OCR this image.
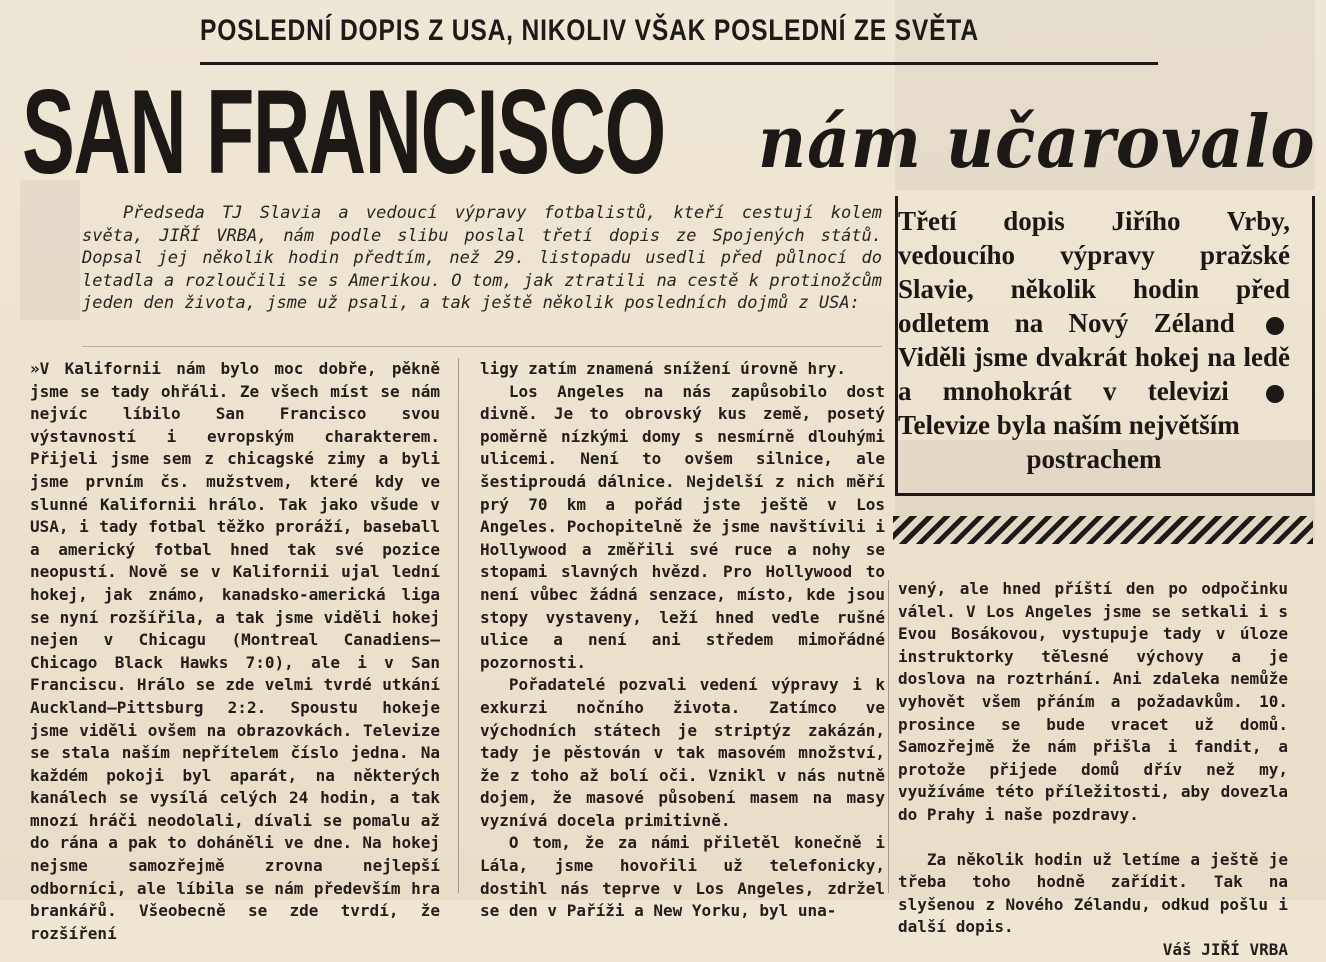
POSLEDNÍ DOPIS Z USA, NIKOLIV VŠAK POSLEDNÍ ZE SVĚTA
SAN FRANCISCO nám učarovalo

Předseda TJ Slavia a vedoucí výpravy fotbalistů, kteří cestují kolem světa, JIŘÍ VRBA, nám podle slibu poslal třetí dopis ze Spojených států. Dopsal jej několik hodin předtím, než 29. listopadu usedli před půlnocí do letadla a rozloučili se s Amerikou. O tom, jak ztratili na cestě k protinožcům jeden den života, jsme už psali, a tak ještě několik posledních dojmů z USA:

Třetí dopis Jiřího Vrby, vedoucího výpravy pražské Slavie, několik hodin před odletem na Nový Zéland  Viděli jsme dvakrát hokej na ledě a mnohokrát v televizi  Televize byla naším největším
postrachem

»V Kalifornii nám bylo moc dobře, pěkně jsme se tady ohřáli. Ze všech míst se nám nejvíc líbilo San Francisco svou výstavností i evropským charakterem. Přijeli jsme sem z chicagské zimy a byli jsme prvním čs. mužstvem, které kdy ve slunné Kalifornii hrálo. Tak jako všude v USA, i tady fotbal těžko proráží, baseball a americký fotbal hned tak své pozice neopustí. Nově se v Kalifornii ujal lední hokej, jak známo, kanadsko-americká liga se nyní rozšířila, a tak jsme viděli hokej nejen v Chicagu (Montreal Canadiens—Chicago Black Hawks 7:0), ale i v San Franciscu. Hrálo se zde velmi tvrdé utkání Auckland—Pittsburg 2:2. Spoustu hokeje jsme viděli ovšem na obrazovkách. Televize se stala naším nepřítelem číslo jedna. Na každém pokoji byl aparát, na některých kanálech se vysílá celých 24 hodin, a tak mnozí hráči neodolali, dívali se pomalu až do rána a pak to doháněli ve dne. Na hokej nejsme samozřejmě zrovna nejlepší odborníci, ale líbila se nám především hra brankářů. Všeobecně se zde tvrdí, že rozšíření

ligy zatím znamená snížení úrovně hry.

Los Angeles na nás zapůsobilo dost divně. Je to obrovský kus země, posetý poměrně nízkými domy s nesmírně dlouhými ulicemi. Není to ovšem silnice, ale šestiproudá dálnice. Nejdelší z nich měří prý 70 km a pořád jste ještě v Los Angeles. Pochopitelně že jsme navštívili i Hollywood a změřili své ruce a nohy se stopami slavných hvězd. Pro Hollywood to není vůbec žádná senzace, místo, kde jsou stopy vystaveny, leží hned vedle rušné ulice a není ani středem mimořádné pozornosti.

Pořadatelé pozvali vedení výpravy i k exkurzi nočního života. Zatímco ve východních státech je striptýz zakázán, tady je pěstován v tak masovém množství, že z toho až bolí oči. Vznikl v nás nutně dojem, že masové působení masem na masy vyznívá docela primitivně.

O tom, že za námi přiletěl konečně i Lála, jsme hovořili už telefonicky, dostihl nás teprve v Los Angeles, zdržel se den v Paříži a New Yorku, byl una-

vený, ale hned příští den po odpočinku válel. V Los Angeles jsme se setkali i s Evou Bosákovou, vystupuje tady v úloze instruktorky tělesné výchovy a je doslova na roztrhání. Ani zdaleka nemůže vyhovět všem přáním a požadavkům. 10. prosince se bude vracet už domů. Samozřejmě že nám přišla i fandit, a protože přijede domů dřív než my, využíváme této příležitosti, aby dovezla do Prahy i naše pozdravy.

Za několik hodin už letíme a ještě je třeba toho hodně zařídit. Tak na slyšenou z Nového Zélandu, odkud pošlu i další dopis.

Váš JIŘÍ VRBA
